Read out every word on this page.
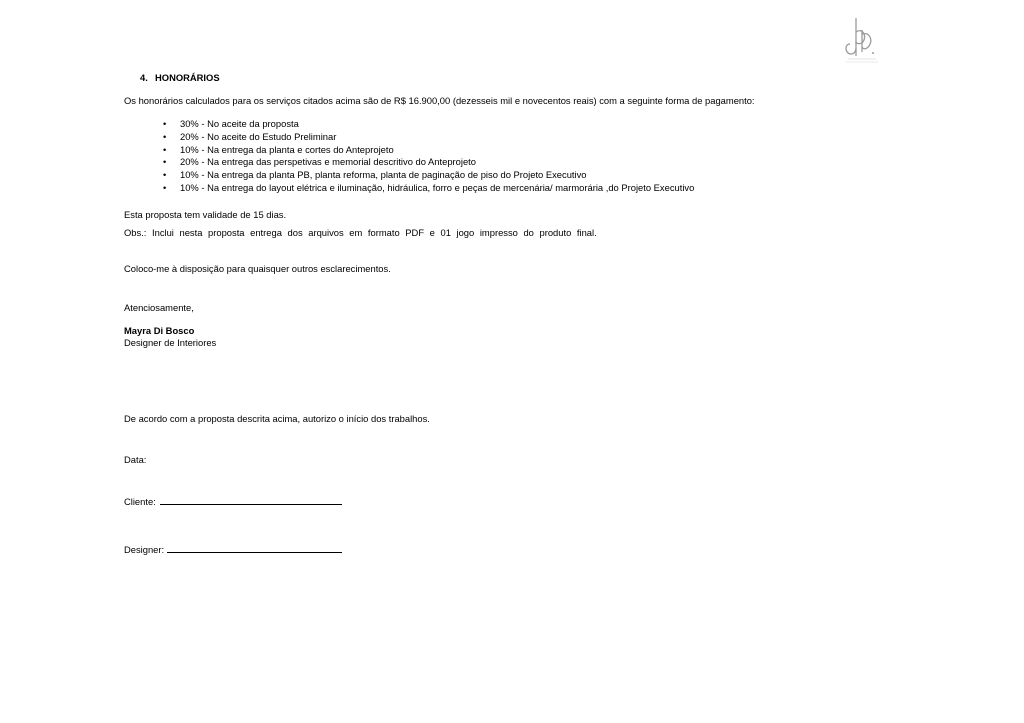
4. HONORÁRIOS
Os honorários calculados para os serviços citados acima são de R$ 16.900,00 (dezesseis mil e novecentos reais) com a seguinte forma de pagamento:
• 30% - No aceite da proposta
• 20% - No aceite do Estudo Preliminar
• 10% - Na entrega da planta e cortes do Anteprojeto
• 20% - Na entrega das perspetivas e memorial descritivo do Anteprojeto
• 10% - Na entrega da planta PB, planta reforma, planta de paginação de piso do Projeto Executivo
• 10% - Na entrega do layout elétrica e iluminação, hidráulica, forro e peças de mercenária/ marmorária ,do Projeto Executivo
Esta proposta tem validade de 15 dias.
Obs.: Inclui nesta proposta entrega dos arquivos em formato PDF e 01 jogo impresso do produto final.
Coloco-me à disposição para quaisquer outros esclarecimentos.
Atenciosamente,
Mayra Di Bosco
Designer de Interiores
De acordo com a proposta descrita acima, autorizo o início dos trabalhos.
Data:
Cliente:
Designer:
